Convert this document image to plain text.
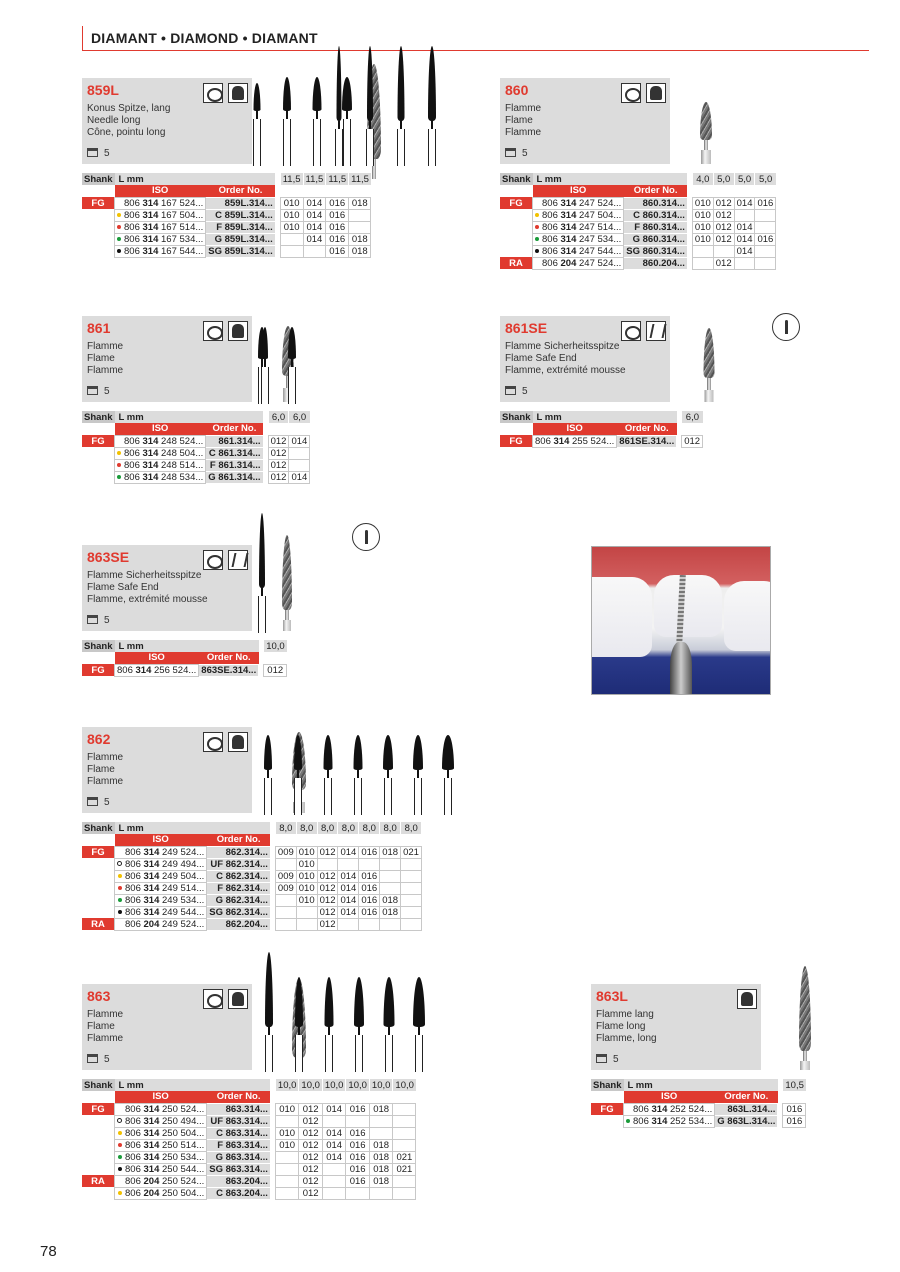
DIAMANT • DIAMOND • DIAMANT
859L
Konus Spitze, lang
Needle long
Cône, pointu long
5
Shank	L mm			11,5	11,5	11,5	11,5
	ISO	Order No.					
FG	806 314 167 524...	859L.314...		010	014	016	018
	806 314 167 504...	C 859L.314...		010	014	016	
	806 314 167 514...	F 859L.314...		010	014	016	
	806 314 167 534...	G 859L.314...			014	016	018
	806 314 167 544...	SG 859L.314...				016	018
860
Flamme
Flame
Flamme
5
Shank	L mm			4,0	5,0	5,0	5,0
	ISO	Order No.					
FG	806 314 247 524...	860.314...		010	012	014	016
	806 314 247 504...	C 860.314...		010	012		
	806 314 247 514...	F 860.314...		010	012	014	
	806 314 247 534...	G 860.314...		010	012	014	016
	806 314 247 544...	SG 860.314...				014	
RA	806 204 247 524...	860.204...			012		
861
Flamme
Flame
Flamme
5
Shank	L mm			6,0	6,0
	ISO	Order No.			
FG	806 314 248 524...	861.314...		012	014
	806 314 248 504...	C 861.314...		012	
	806 314 248 514...	F 861.314...		012	
	806 314 248 534...	G 861.314...		012	014
861SE
Flamme Sicherheitsspitze
Flame Safe End
Flamme, extrémité mousse
5
Shank	L mm			6,0
	ISO	Order No.		
FG	806 314 255 524...	861SE.314...		012
863SE
Flamme Sicherheitsspitze
Flame Safe End
Flamme, extrémité mousse
5
Shank	L mm			10,0
	ISO	Order No.		
FG	806 314 256 524...	863SE.314...		012
862
Flamme
Flame
Flamme
5
Shank	L mm			8,0	8,0	8,0	8,0	8,0	8,0	8,0
	ISO	Order No.								
FG	806 314 249 524...	862.314...		009	010	012	014	016	018	021
	806 314 249 494...	UF 862.314...			010					
	806 314 249 504...	C 862.314...		009	010	012	014	016		
	806 314 249 514...	F 862.314...		009	010	012	014	016		
	806 314 249 534...	G 862.314...			010	012	014	016	018	
	806 314 249 544...	SG 862.314...				012	014	016	018	
RA	806 204 249 524...	862.204...				012				
863
Flamme
Flame
Flamme
5
Shank	L mm			10,0	10,0	10,0	10,0	10,0	10,0
	ISO	Order No.							
FG	806 314 250 524...	863.314...		010	012	014	016	018	
	806 314 250 494...	UF 863.314...			012				
	806 314 250 504...	C 863.314...		010	012	014	016		
	806 314 250 514...	F 863.314...		010	012	014	016	018	
	806 314 250 534...	G 863.314...			012	014	016	018	021
	806 314 250 544...	SG 863.314...			012		016	018	021
RA	806 204 250 524...	863.204...			012		016	018	
	806 204 250 504...	C 863.204...			012				
863L
Flamme lang
Flame long
Flamme, long
5
Shank	L mm			10,5
	ISO	Order No.		
FG	806 314 252 524...	863L.314...		016
	806 314 252 534...	G 863L.314...		016
78
